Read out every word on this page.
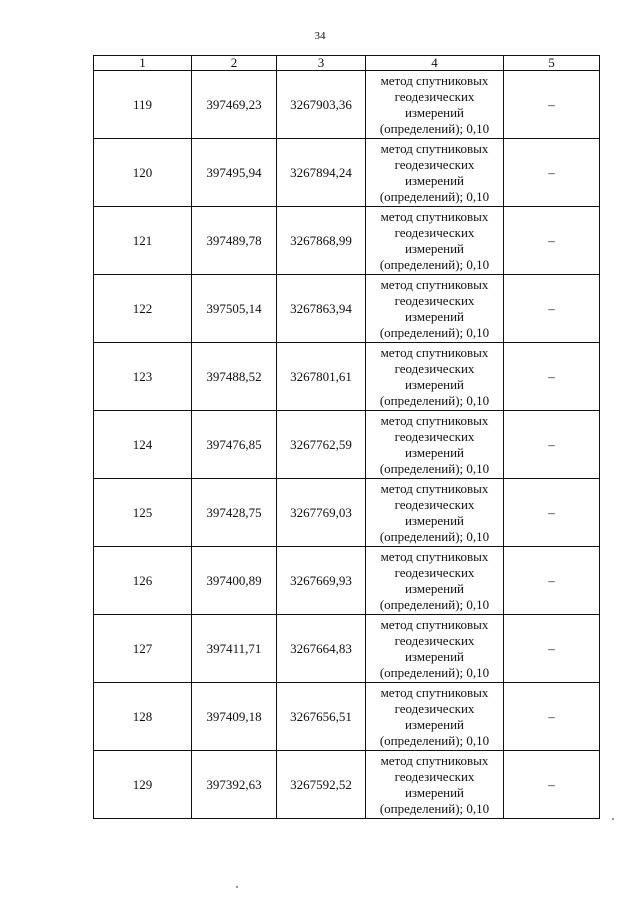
34
1	2	3	4	5
119	397469,23	3267903,36	метод спутниковых
геодезических
измерений
(определений); 0,10	–
120	397495,94	3267894,24	метод спутниковых
геодезических
измерений
(определений); 0,10	–
121	397489,78	3267868,99	метод спутниковых
геодезических
измерений
(определений); 0,10	–
122	397505,14	3267863,94	метод спутниковых
геодезических
измерений
(определений); 0,10	–
123	397488,52	3267801,61	метод спутниковых
геодезических
измерений
(определений); 0,10	–
124	397476,85	3267762,59	метод спутниковых
геодезических
измерений
(определений); 0,10	–
125	397428,75	3267769,03	метод спутниковых
геодезических
измерений
(определений); 0,10	–
126	397400,89	3267669,93	метод спутниковых
геодезических
измерений
(определений); 0,10	–
127	397411,71	3267664,83	метод спутниковых
геодезических
измерений
(определений); 0,10	–
128	397409,18	3267656,51	метод спутниковых
геодезических
измерений
(определений); 0,10	–
129	397392,63	3267592,52	метод спутниковых
геодезических
измерений
(определений); 0,10	–
